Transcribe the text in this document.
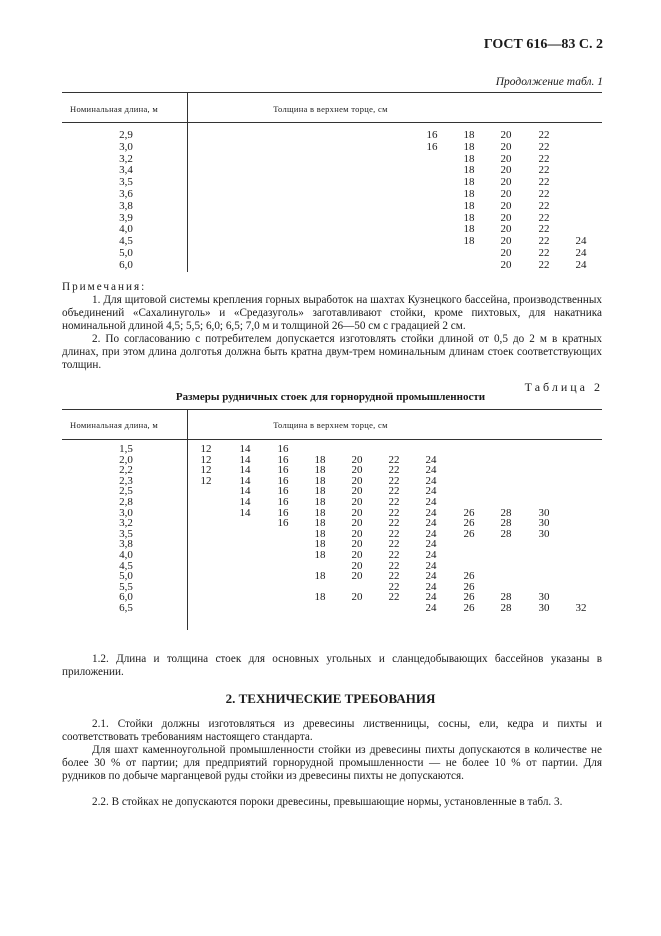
ГОСТ 616—83 С. 2
Продолжение табл. 1
Номинальная длина, м	Толщина в верхнем торце, см
2,9	16	18	20	22
3,0	16	18	20	22
3,2	18	20	22
3,4	18	20	22
3,5	18	20	22
3,6	18	20	22
3,8	18	20	22
3,9	18	20	22
4,0	18	20	22
4,5	18	20	22	24
5,0	20	22	24
6,0	20	22	24
Примечания:
1. Для щитовой системы крепления горных выработок на шахтах Кузнецкого бассейна, производственных объединений «Сахалинуголь» и «Средазуголь» заготавливают стойки, кроме пихтовых, для накатника номинальной длиной 4,5; 5,5; 6,0; 6,5; 7,0 м и толщиной 26—50 см с градацией 2 см.
2. По согласованию с потребителем допускается изготовлять стойки длиной от 0,5 до 2 м в кратных длинах, при этом длина долготья должна быть кратна двум-трем номинальным длинам стоек соответствующих толщин.
Таблица 2
Размеры рудничных стоек для горнорудной промышленности
Номинальная длина, м	Толщина в верхнем торце, см
1,5	12	14	16
2,0	12	14	16	18	20	22	24
2,2	12	14	16	18	20	22	24
2,3	12	14	16	18	20	22	24
2,5	14	16	18	20	22	24
2,8	14	16	18	20	22	24
3,0	14	16	18	20	22	24	26	28	30
3,2	16	18	20	22	24	26	28	30
3,5	18	20	22	24	26	28	30
3,8	18	20	22	24
4,0	18	20	22	24
4,5	20	22	24
5,0	18	20	22	24	26
5,5	22	24	26
6,0	18	20	22	24	26	28	30
6,5	24	26	28	30	32
1.2. Длина и толщина стоек для основных угольных и сланцедобывающих бассейнов указаны в приложении.
2. ТЕХНИЧЕСКИЕ ТРЕБОВАНИЯ
2.1. Стойки должны изготовляться из древесины лиственницы, сосны, ели, кедра и пихты и соответствовать требованиям настоящего стандарта.
Для шахт каменноугольной промышленности стойки из древесины пихты допускаются в количестве не более 30 % от партии; для предприятий горнорудной промышленности — не более 10 % от партии. Для рудников по добыче марганцевой руды стойки из древесины пихты не допускаются.
2.2. В стойках не допускаются пороки древесины, превышающие нормы, установленные в табл. 3.
